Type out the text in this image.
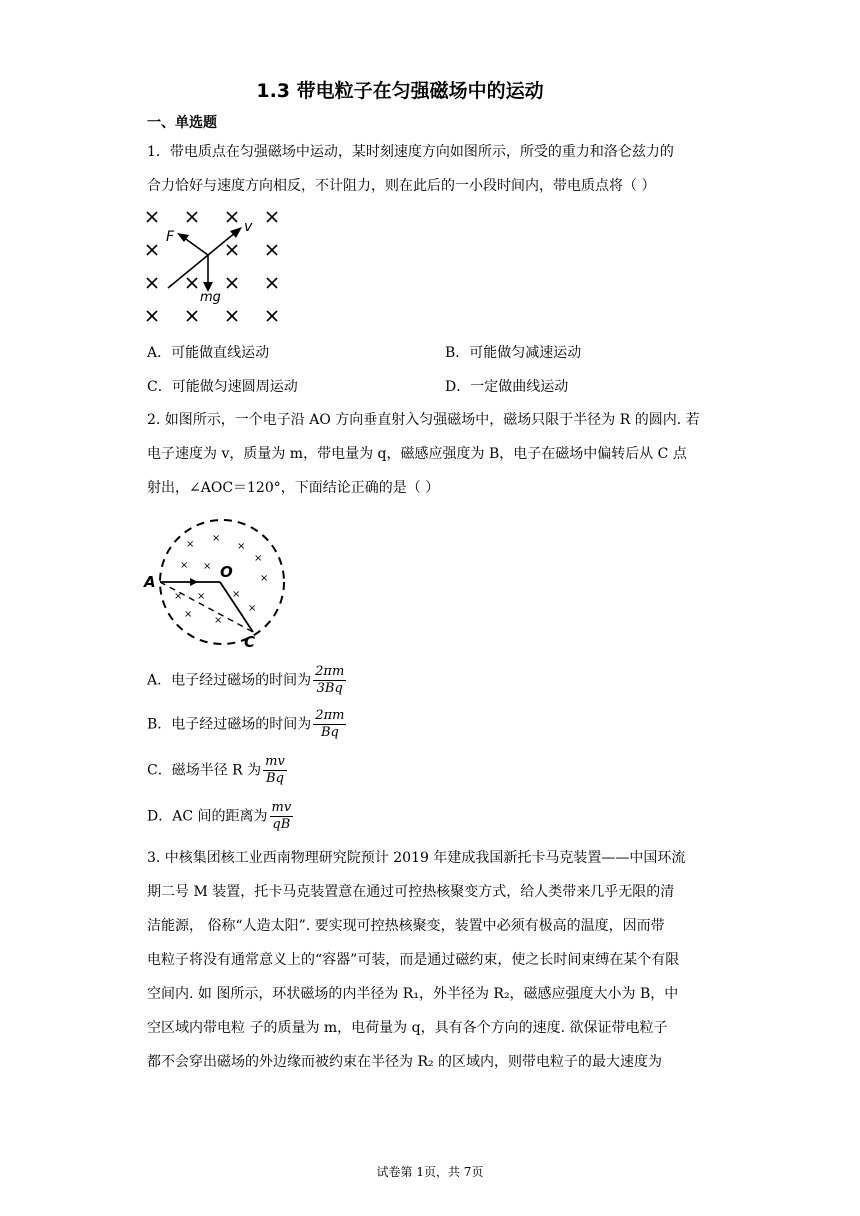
1.3 带电粒子在匀强磁场中的运动
一、单选题
1．带电质点在匀强磁场中运动，某时刻速度方向如图所示，所受的重力和洛仑兹力的
合力恰好与速度方向相反，不计阻力，则在此后的一小段时间内，带电质点将（ ）
F
v
mg
A．可能做直线运动	B．可能做匀减速运动
C．可能做匀速圆周运动	D．一定做曲线运动
2. 如图所示，一个电子沿 AO 方向垂直射入匀强磁场中，磁场只限于半径为 R 的圆内. 若
电子速度为 v，质量为 m，带电量为 q，磁感应强度为 B，电子在磁场中偏转后从 C 点
射出，∠AOC＝120°，下面结论正确的是（ ）
×
×
×
×
× ×
×
× ×	×
×
×
×
A
O
C
A．电子经过磁场的时间为 $\frac{2\pi m}{3Bq}$
B．电子经过磁场的时间为 $\frac{2\pi m}{Bq}$
C．磁场半径 R 为 $\frac{mv}{Bq}$
D．AC 间的距离为 $\frac{mv}{qB}$
3. 中核集团核工业西南物理研究院预计 2019 年建成我国新托卡马克装置——中国环流
期二号 M 装置，托卡马克装置意在通过可控热核聚变方式，给人类带来几乎无限的清
洁能源， 俗称“人造太阳”. 要实现可控热核聚变，装置中必须有极高的温度，因而带
电粒子将没有通常意义上的“容器”可装，而是通过磁约束，使之长时间束缚在某个有限
空间内. 如 图所示，环状磁场的内半径为 R₁，外半径为 R₂，磁感应强度大小为 B，中
空区域内带电粒 子的质量为 m，电荷量为 q，具有各个方向的速度. 欲保证带电粒子
都不会穿出磁场的外边缘而被约束在半径为 R₂ 的区域内，则带电粒子的最大速度为
试卷第 1页，共 7页
